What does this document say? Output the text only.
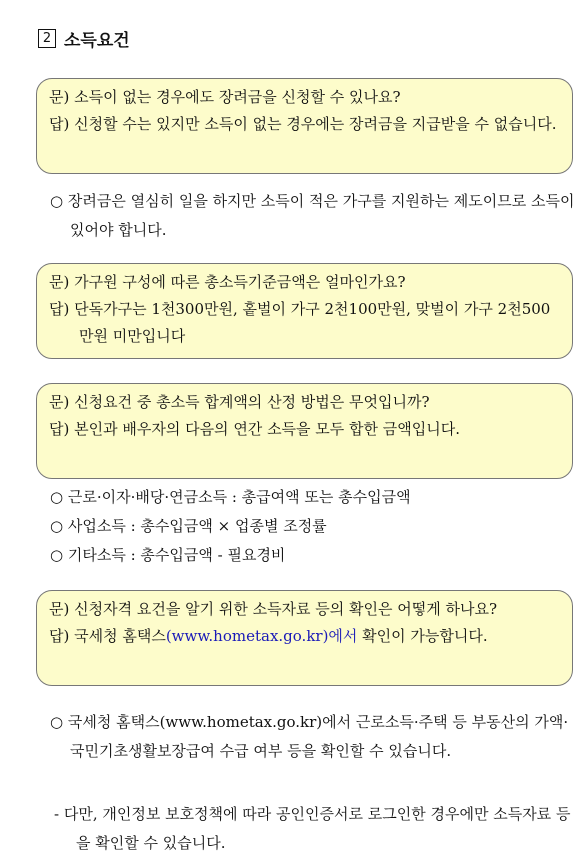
2 소득요건

문) 소득이 없는 경우에도 장려금을 신청할 수 있나요?

답) 신청할 수는 있지만 소득이 없는 경우에는 장려금을 지급받을 수 없습니다.

○ 장려금은 열심히 일을 하지만 소득이 적은 가구를 지원하는 제도이므로 소득이 있어야 합니다.

문) 가구원 구성에 따른 총소득기준금액은 얼마인가요?

답) 단독가구는 1천300만원, 홑벌이 가구 2천100만원, 맞벌이 가구 2천500만원 미만입니다

문) 신청요건 중 총소득 합계액의 산정 방법은 무엇입니까?

답) 본인과 배우자의 다음의 연간 소득을 모두 합한 금액입니다.

○ 근로·이자·배당·연금소득 : 총급여액 또는 총수입금액
○ 사업소득 : 총수입금액 × 업종별 조정률
○ 기타소득 : 총수입금액 - 필요경비

문) 신청자격 요건을 알기 위한 소득자료 등의 확인은 어떻게 하나요?

답) 국세청 홈택스(www.hometax.go.kr)에서 확인이 가능합니다.

○ 국세청 홈택스(www.hometax.go.kr)에서 근로소득·주택 등 부동산의 가액·국민기초생활보장급여 수급 여부 등을 확인할 수 있습니다.
- 다만, 개인정보 보호정책에 따라 공인인증서로 로그인한 경우에만 소득자료 등을 확인할 수 있습니다.
